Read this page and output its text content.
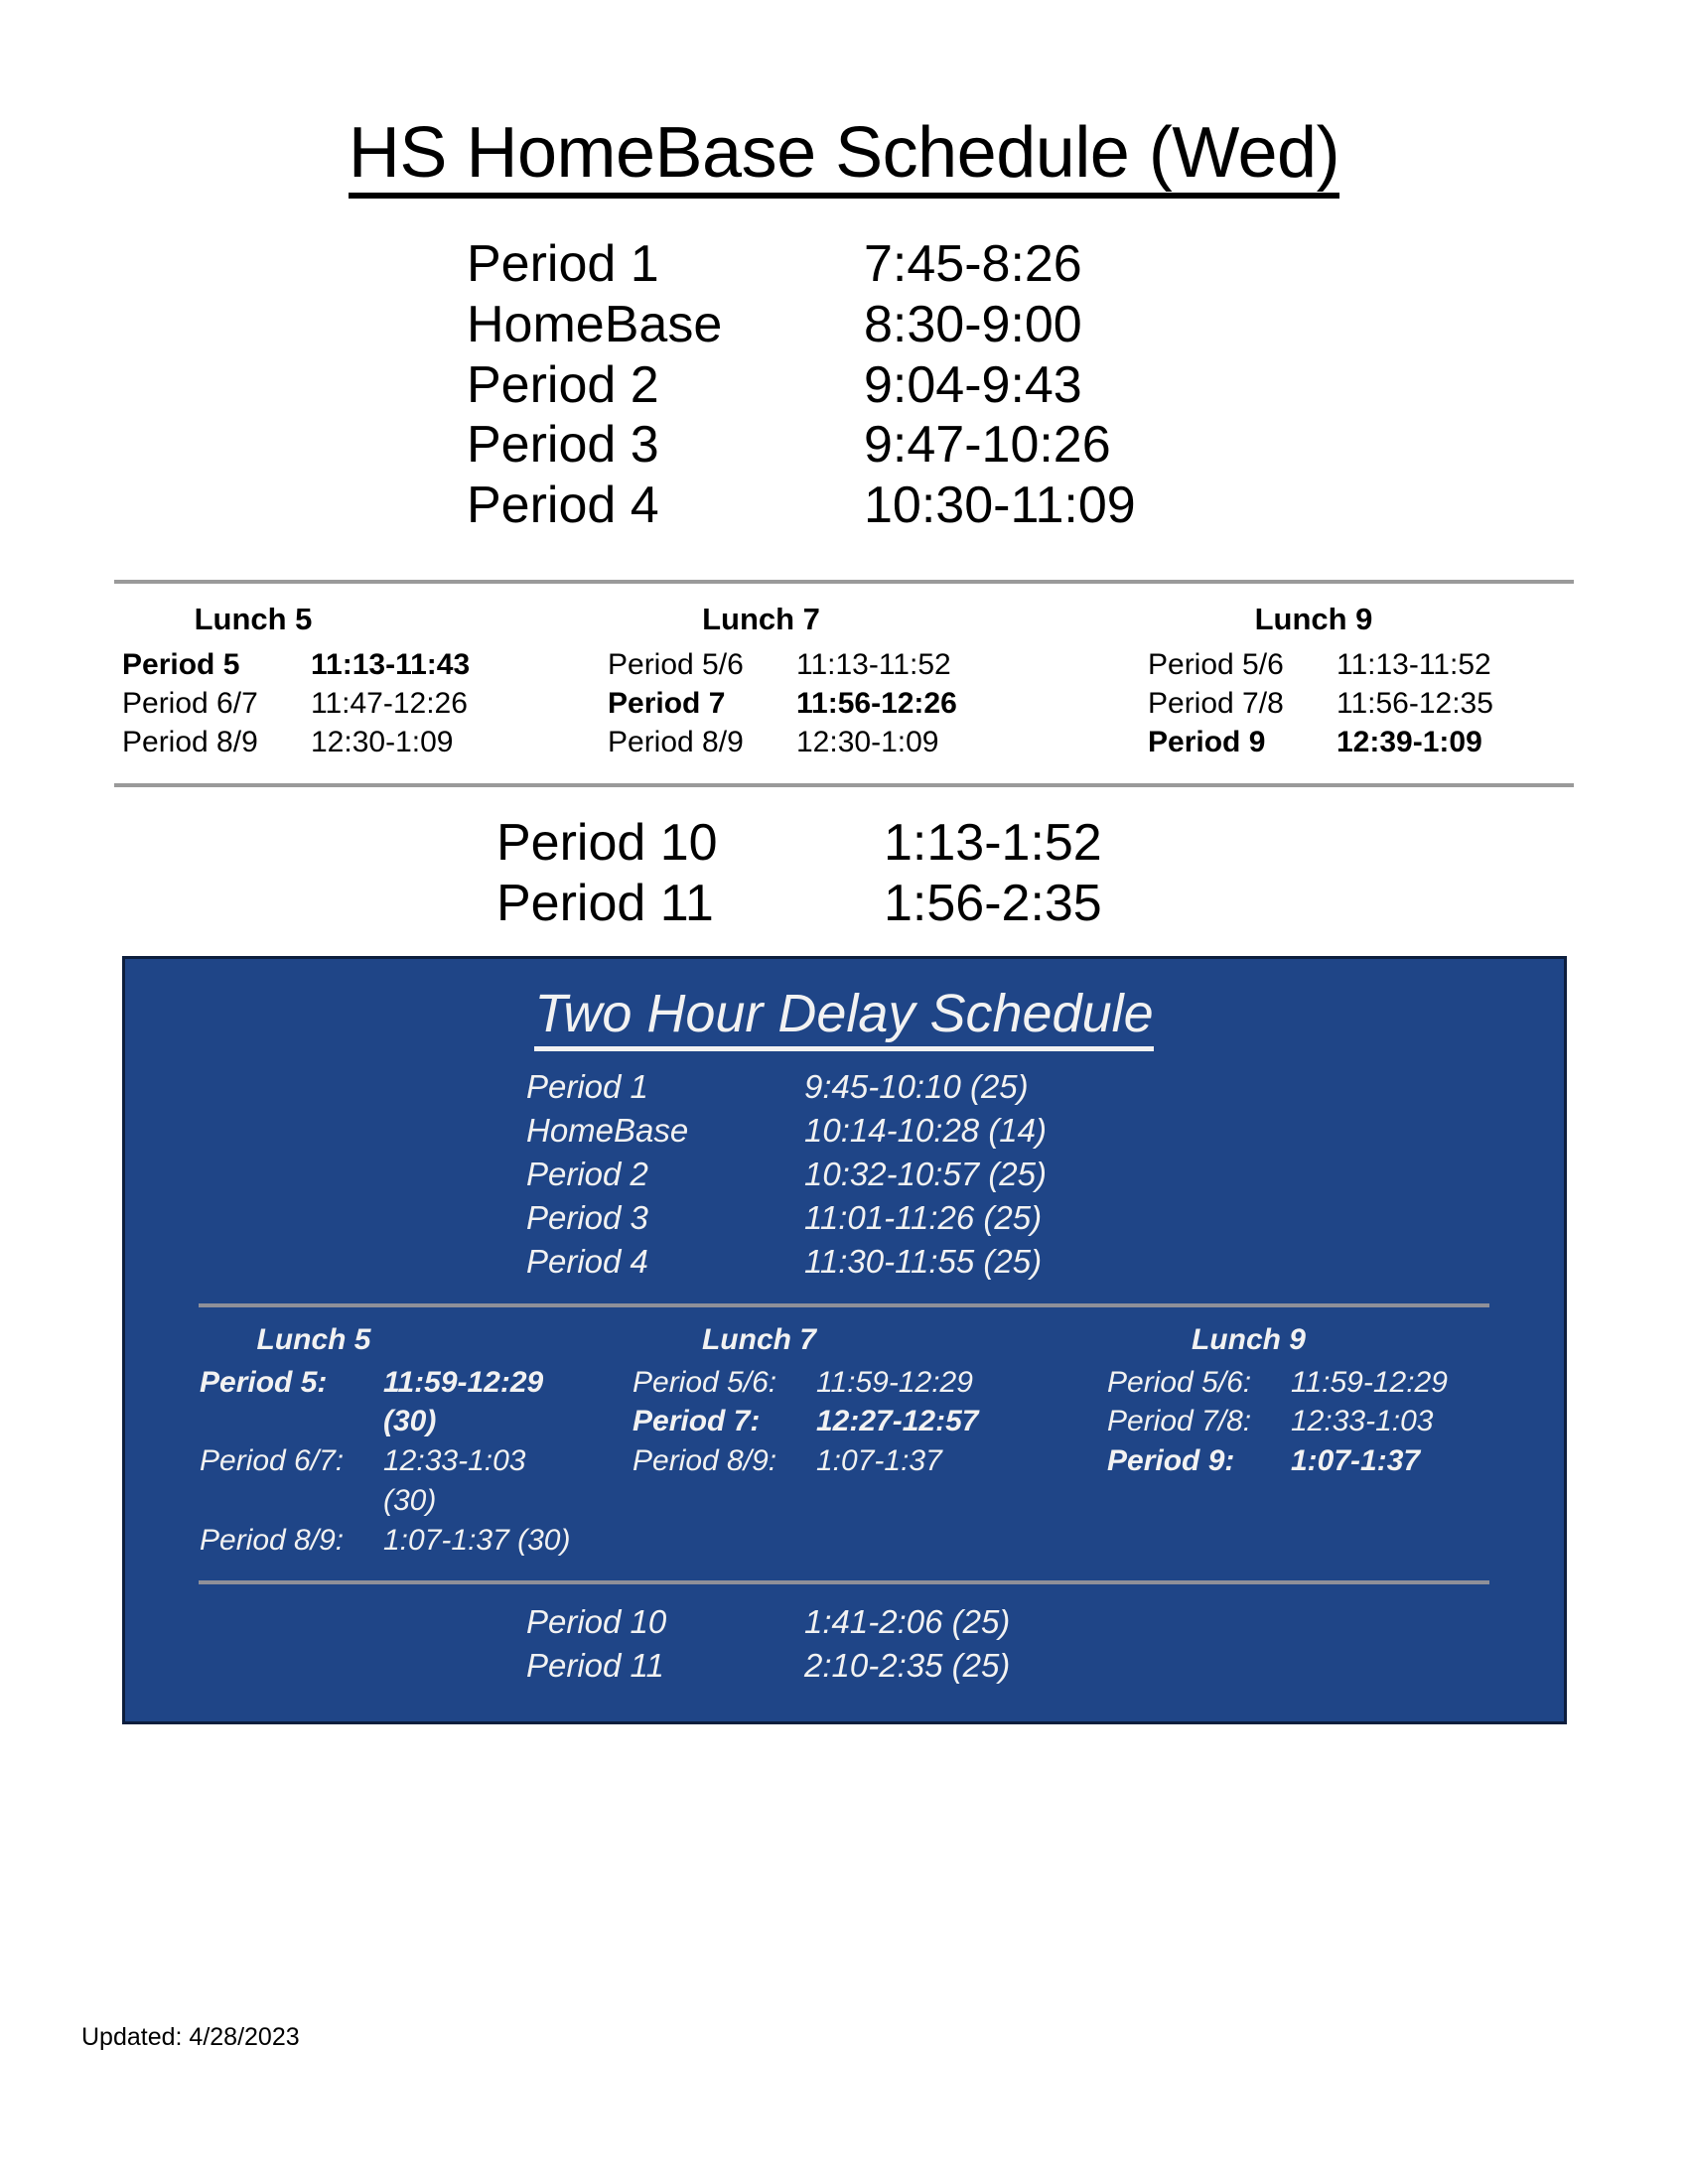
HS HomeBase Schedule (Wed)
Period 1	7:45-8:26
HomeBase	8:30-9:00
Period 2	9:04-9:43
Period 3	9:47-10:26
Period 4	10:30-11:09
Lunch 5
Period 5	11:13-11:43
Period 6/7	11:47-12:26
Period 8/9	12:30-1:09
Lunch 7
Period 5/6	11:13-11:52
Period 7	11:56-12:26
Period 8/9	12:30-1:09
Lunch 9
Period 5/6	11:13-11:52
Period 7/8	11:56-12:35
Period 9	12:39-1:09
Period 10	1:13-1:52
Period 11	1:56-2:35
Two Hour Delay Schedule
Period 1	9:45-10:10 (25)
HomeBase	10:14-10:28 (14)
Period 2	10:32-10:57 (25)
Period 3	11:01-11:26 (25)
Period 4	11:30-11:55 (25)
Lunch 5
Period 5:	11:59-12:29 (30)
Period 6/7:	12:33-1:03 (30)
Period 8/9:	1:07-1:37 (30)
Lunch 7
Period 5/6:	11:59-12:29
Period 7:	12:27-12:57
Period 8/9:	1:07-1:37
Lunch 9
Period 5/6:	11:59-12:29
Period 7/8:	12:33-1:03
Period 9:	1:07-1:37
Period 10	1:41-2:06 (25)
Period 11	2:10-2:35 (25)
Updated: 4/28/2023
